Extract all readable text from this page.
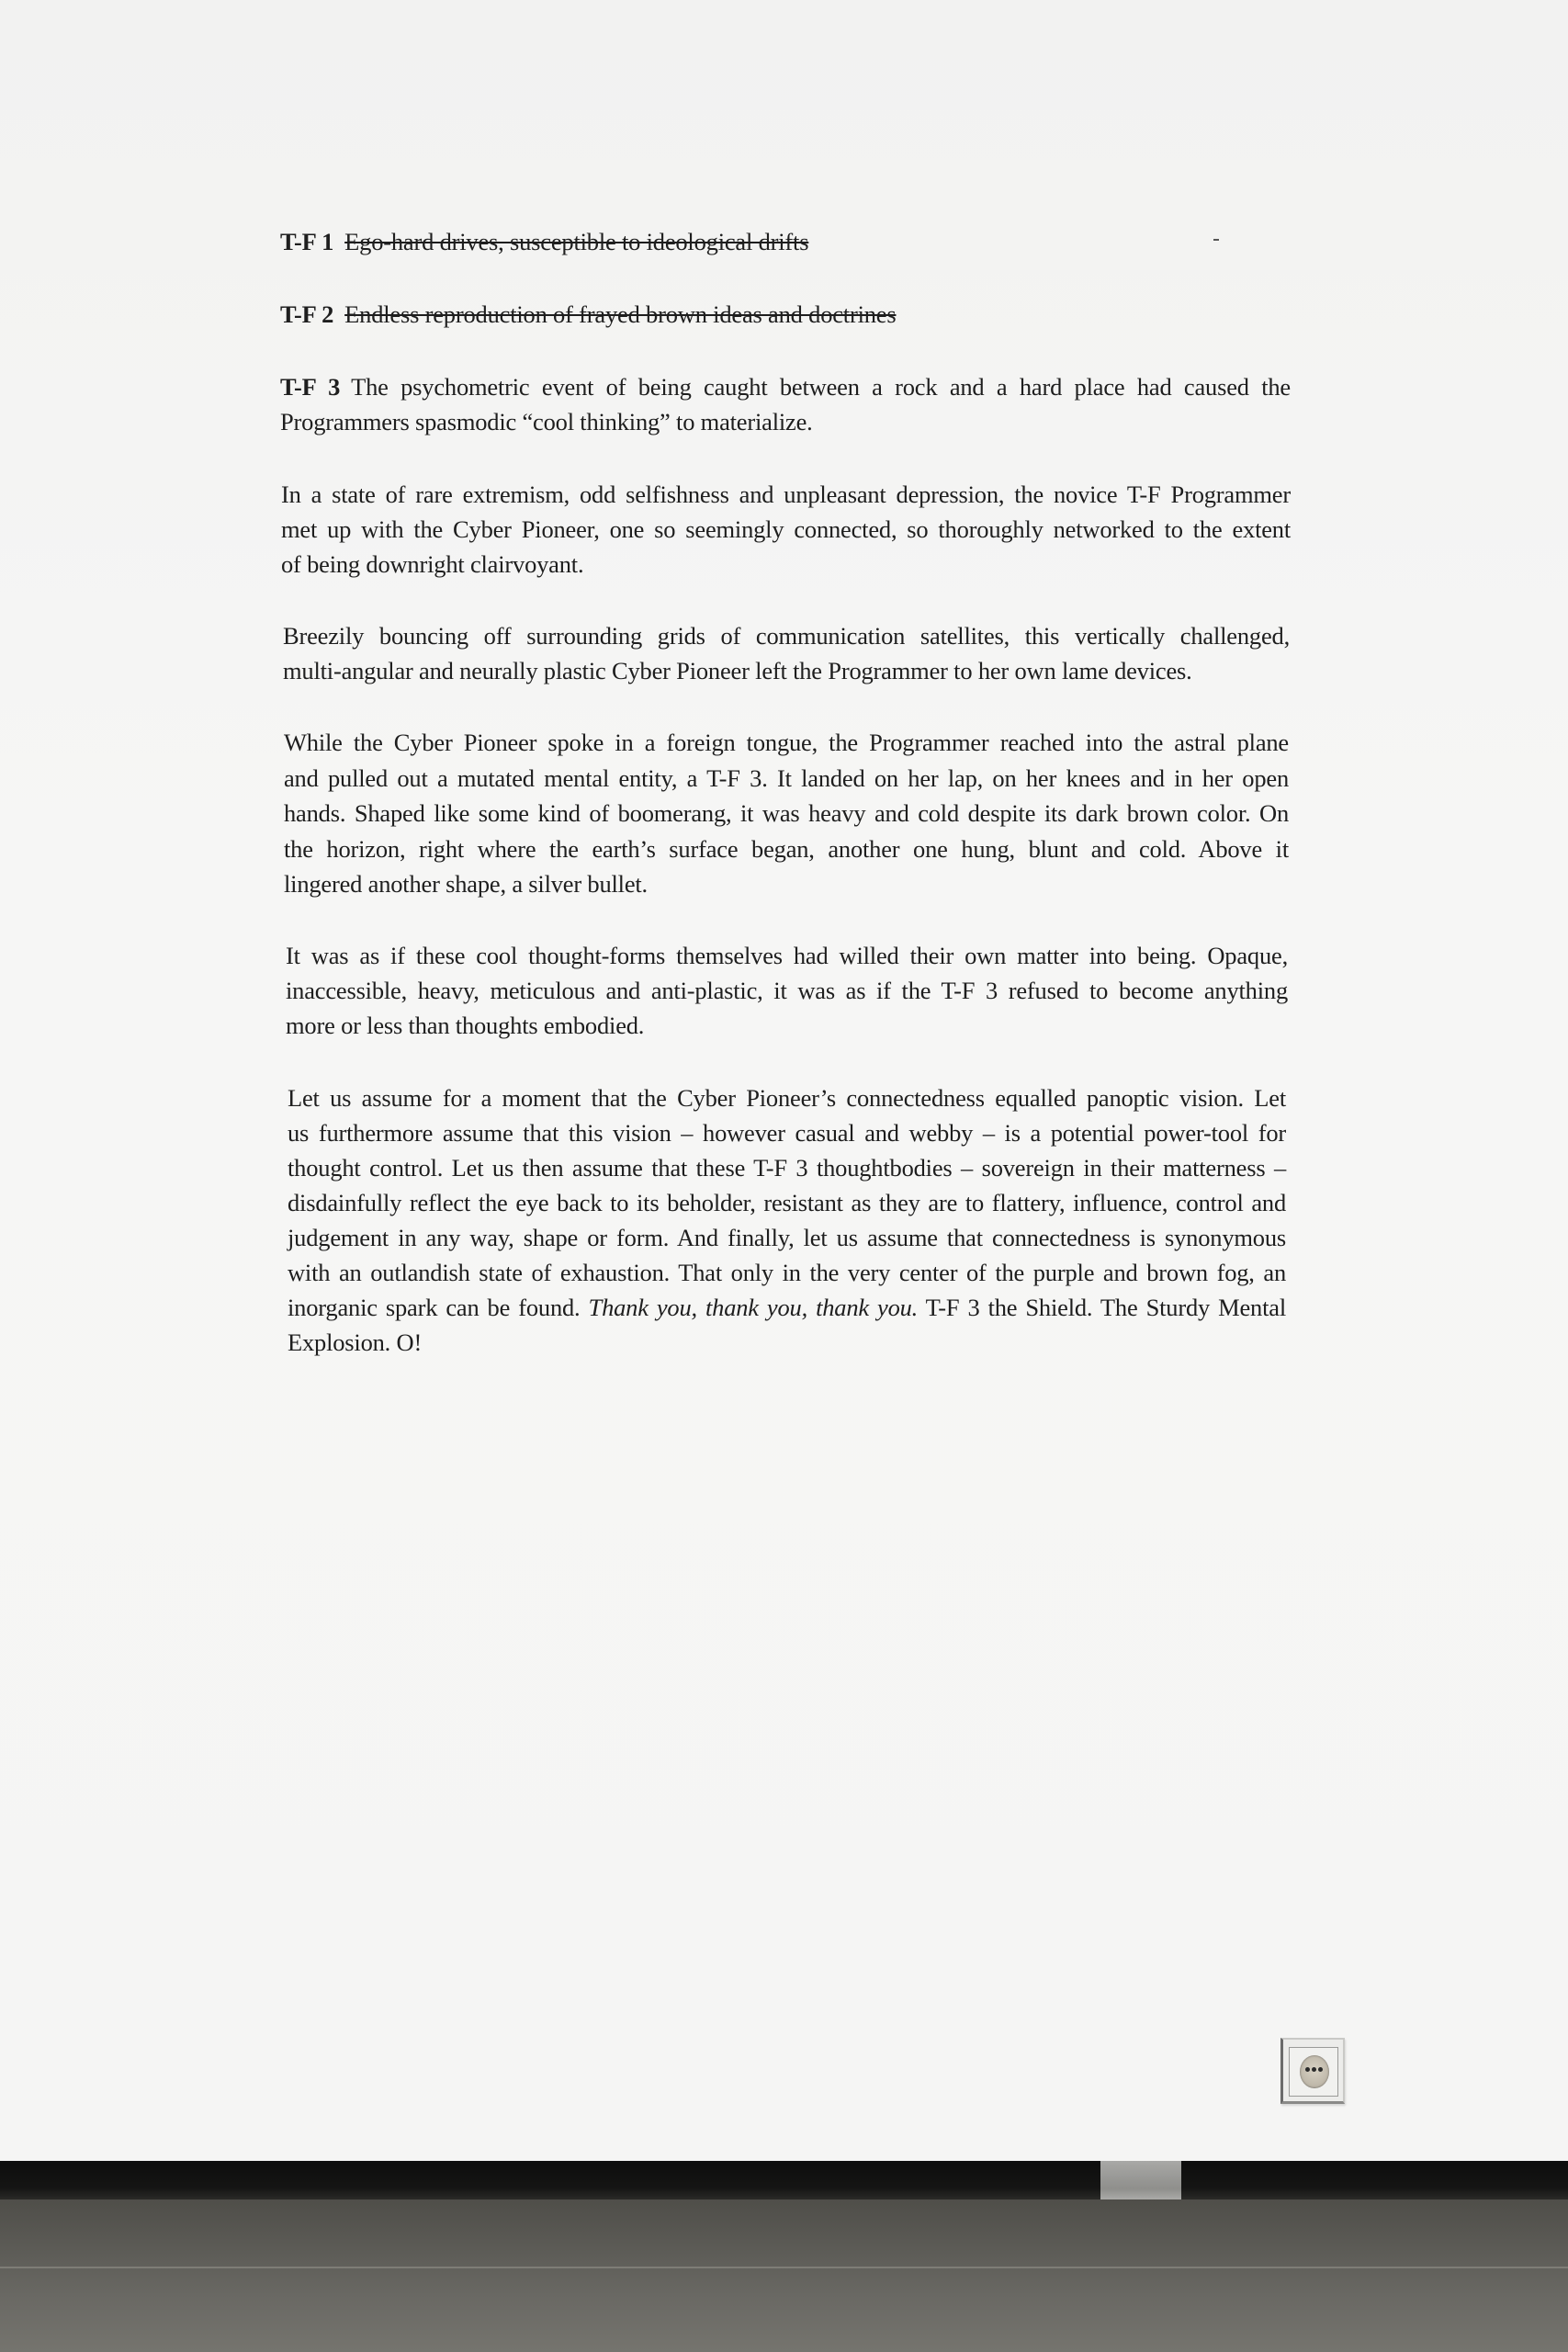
T-F 1 Ego-hard drives, susceptible to ideological drifts
T-F 2 Endless reproduction of frayed brown ideas and doctrines
T-F 3 The psychometric event of being caught between a rock and a hard place had caused the
Programmers spasmodic “cool thinking” to materialize.
In a state of rare extremism, odd selfishness and unpleasant depression, the novice T-F Programmer
met up with the Cyber Pioneer, one so seemingly connected, so thoroughly networked to the extent
of being downright clairvoyant.
Breezily bouncing off surrounding grids of communication satellites, this vertically challenged,
multi-angular and neurally plastic Cyber Pioneer left the Programmer to her own lame devices.
While the Cyber Pioneer spoke in a foreign tongue, the Programmer reached into the astral plane
and pulled out a mutated mental entity, a T-F 3. It landed on her lap, on her knees and in her open
hands. Shaped like some kind of boomerang, it was heavy and cold despite its dark brown color. On
the horizon, right where the earth’s surface began, another one hung, blunt and cold. Above it
lingered another shape, a silver bullet.
It was as if these cool thought-forms themselves had willed their own matter into being. Opaque,
inaccessible, heavy, meticulous and anti-plastic, it was as if the T-F 3 refused to become anything
more or less than thoughts embodied.
Let us assume for a moment that the Cyber Pioneer’s connectedness equalled panoptic vision. Let
us furthermore assume that this vision – however casual and webby – is a potential power-tool for
thought control. Let us then assume that these T-F 3 thoughtbodies – sovereign in their matterness –
disdainfully reflect the eye back to its beholder, resistant as they are to flattery, influence, control and
judgement in any way, shape or form. And finally, let us assume that connectedness is synonymous
with an outlandish state of exhaustion. That only in the very center of the purple and brown fog, an
inorganic spark can be found. Thank you, thank you, thank you. T-F 3 the Shield. The Sturdy Mental
Explosion. O!
